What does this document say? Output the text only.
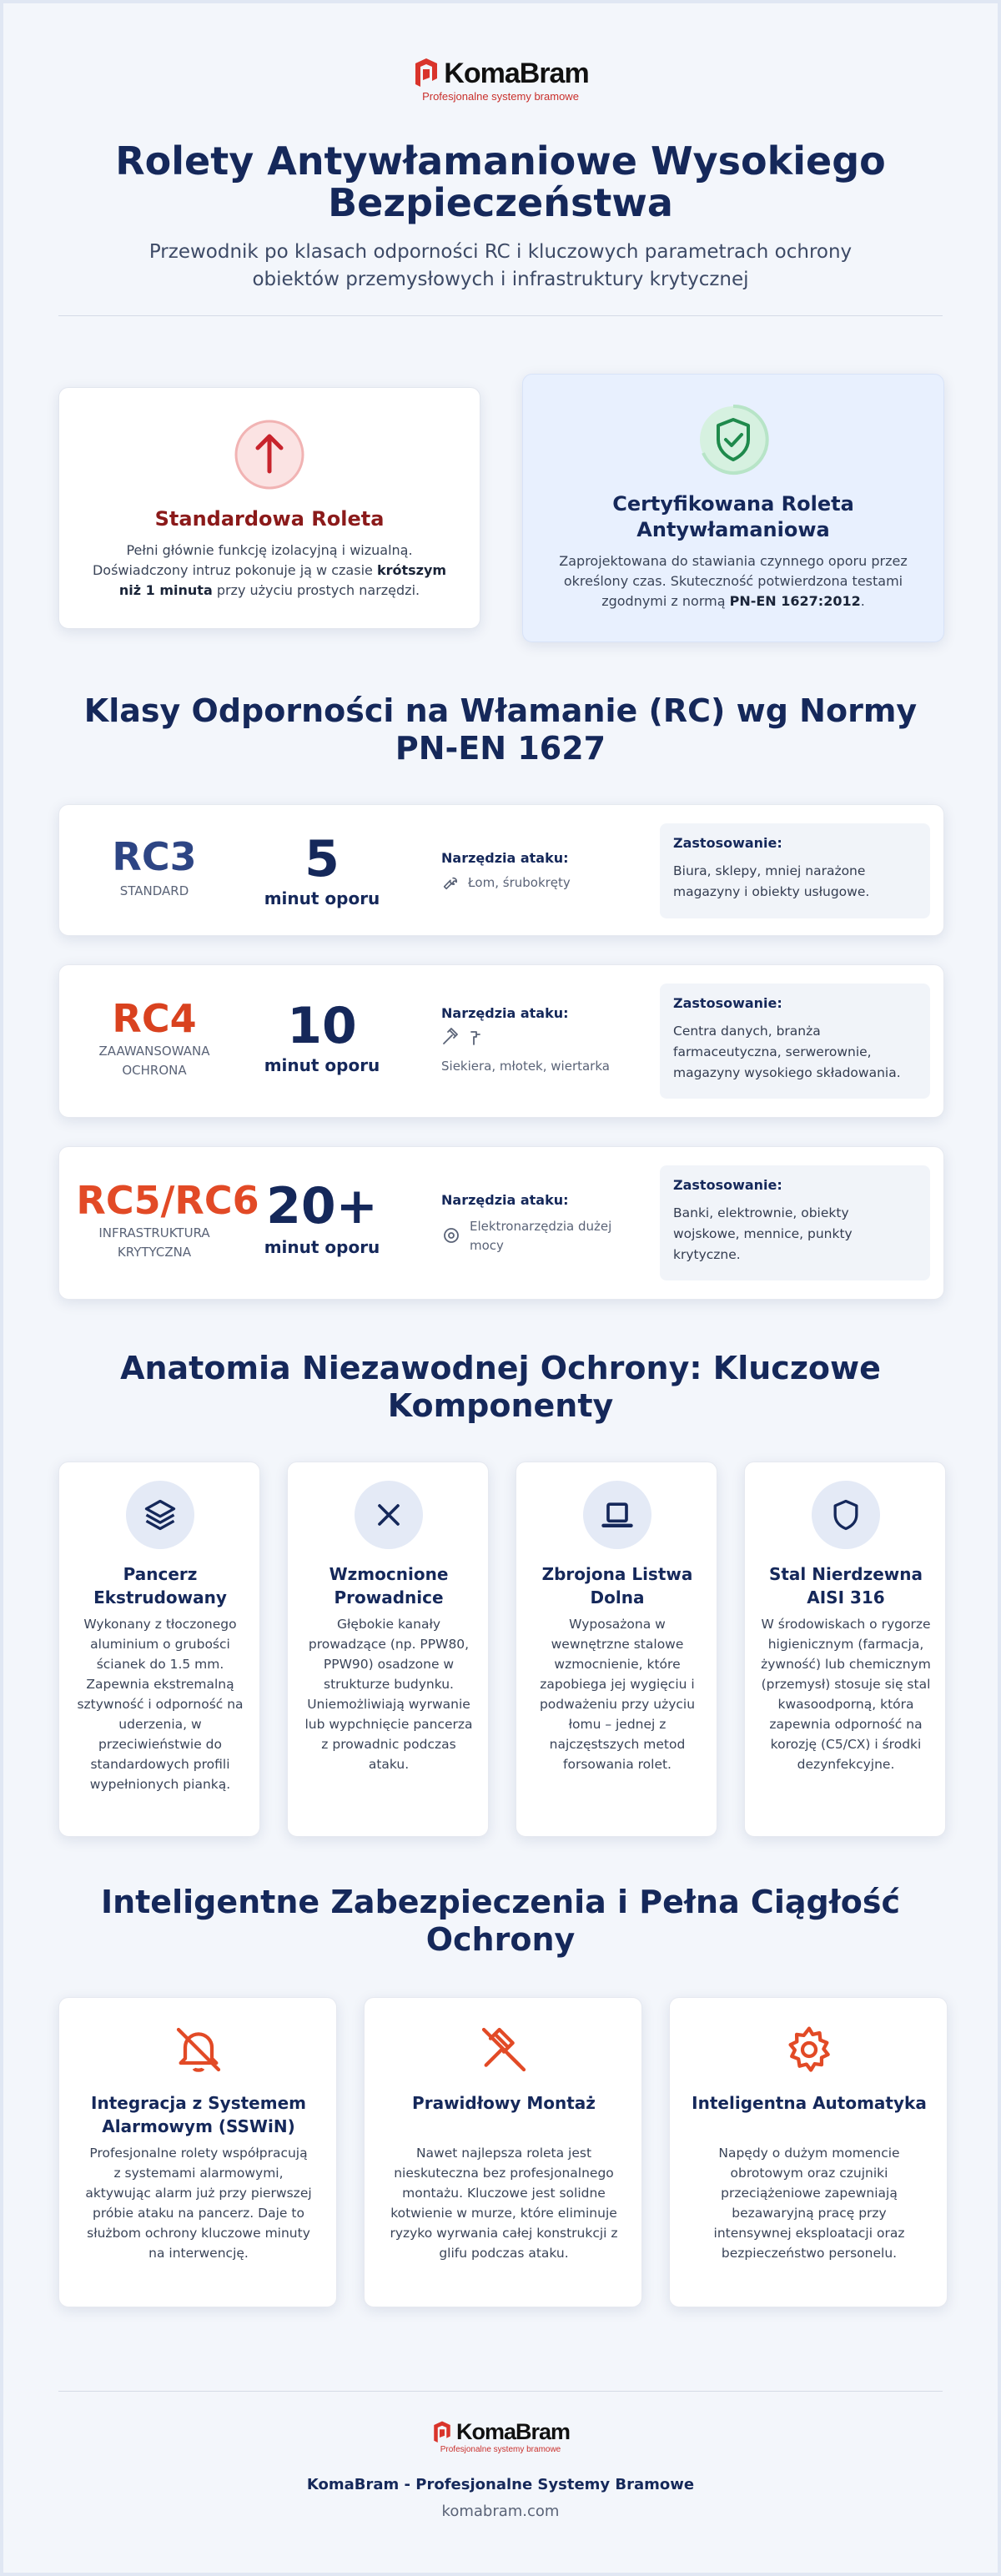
KomaBram
Profesjonalne systemy bramowe
Rolety Antywłamaniowe Wysokiego Bezpieczeństwa

Przewodnik po klasach odporności RC i kluczowych parametrach ochrony obiektów przemysłowych i infrastruktury krytycznej

Standardowa Roleta

Pełni głównie funkcję izolacyjną i wizualną. Doświadczony intruz pokonuje ją w czasie krótszym niż 1 minuta przy użyciu prostych narzędzi.

Certyfikowana Roleta Antywłamaniowa

Zaprojektowana do stawiania czynnego oporu przez określony czas. Skuteczność potwierdzona testami zgodnymi z normą PN-EN 1627:2012.

Klasy Odporności na Włamanie (RC) wg Normy PN-EN 1627
RC3
STANDARD
5
minut oporu
Narzędzia ataku:
Łom, śrubokręty
Zastosowanie:
Biura, sklepy, mniej narażone magazyny i obiekty usługowe.
RC4
ZAAWANSOWANA OCHRONA
10
minut oporu
Narzędzia ataku:
Siekiera, młotek, wiertarka
Zastosowanie:
Centra danych, branża farmaceutyczna, serwerownie, magazyny wysokiego składowania.
RC5/RC6
INFRASTRUKTURA KRYTYCZNA
20+
minut oporu
Narzędzia ataku:
Elektronarzędzia dużej mocy
Zastosowanie:
Banki, elektrownie, obiekty wojskowe, mennice, punkty krytyczne.
Anatomia Niezawodnej Ochrony: Kluczowe Komponenty
Pancerz Ekstrudowany
Wykonany z tłoczonego aluminium o grubości ścianek do 1.5 mm. Zapewnia ekstremalną sztywność i odporność na uderzenia, w przeciwieństwie do standardowych profili wypełnionych pianką.
Wzmocnione Prowadnice
Głębokie kanały prowadzące (np. PPW80, PPW90) osadzone w strukturze budynku. Uniemożliwiają wyrwanie lub wypchnięcie pancerza z prowadnic podczas ataku.
Zbrojona Listwa Dolna
Wyposażona w wewnętrzne stalowe wzmocnienie, które zapobiega jej wygięciu i podważeniu przy użyciu łomu – jednej z najczęstszych metod forsowania rolet.
Stal Nierdzewna AISI 316
W środowiskach o rygorze higienicznym (farmacja, żywność) lub chemicznym (przemysł) stosuje się stal kwasoodporną, która zapewnia odporność na korozję (C5/CX) i środki dezynfekcyjne.
Inteligentne Zabezpieczenia i Pełna Ciągłość Ochrony
Integracja z Systemem Alarmowym (SSWiN)
Profesjonalne rolety współpracują z systemami alarmowymi, aktywując alarm już przy pierwszej próbie ataku na pancerz. Daje to służbom ochrony kluczowe minuty na interwencję.
Prawidłowy Montaż
Nawet najlepsza roleta jest nieskuteczna bez profesjonalnego montażu. Kluczowe jest solidne kotwienie w murze, które eliminuje ryzyko wyrwania całej konstrukcji z glifu podczas ataku.
Inteligentna Automatyka
Napędy o dużym momencie obrotowym oraz czujniki przeciążeniowe zapewniają bezawaryjną pracę przy intensywnej eksploatacji oraz bezpieczeństwo personelu.
KomaBram
Profesjonalne systemy bramowe
KomaBram - Profesjonalne Systemy Bramowe
komabram.com
